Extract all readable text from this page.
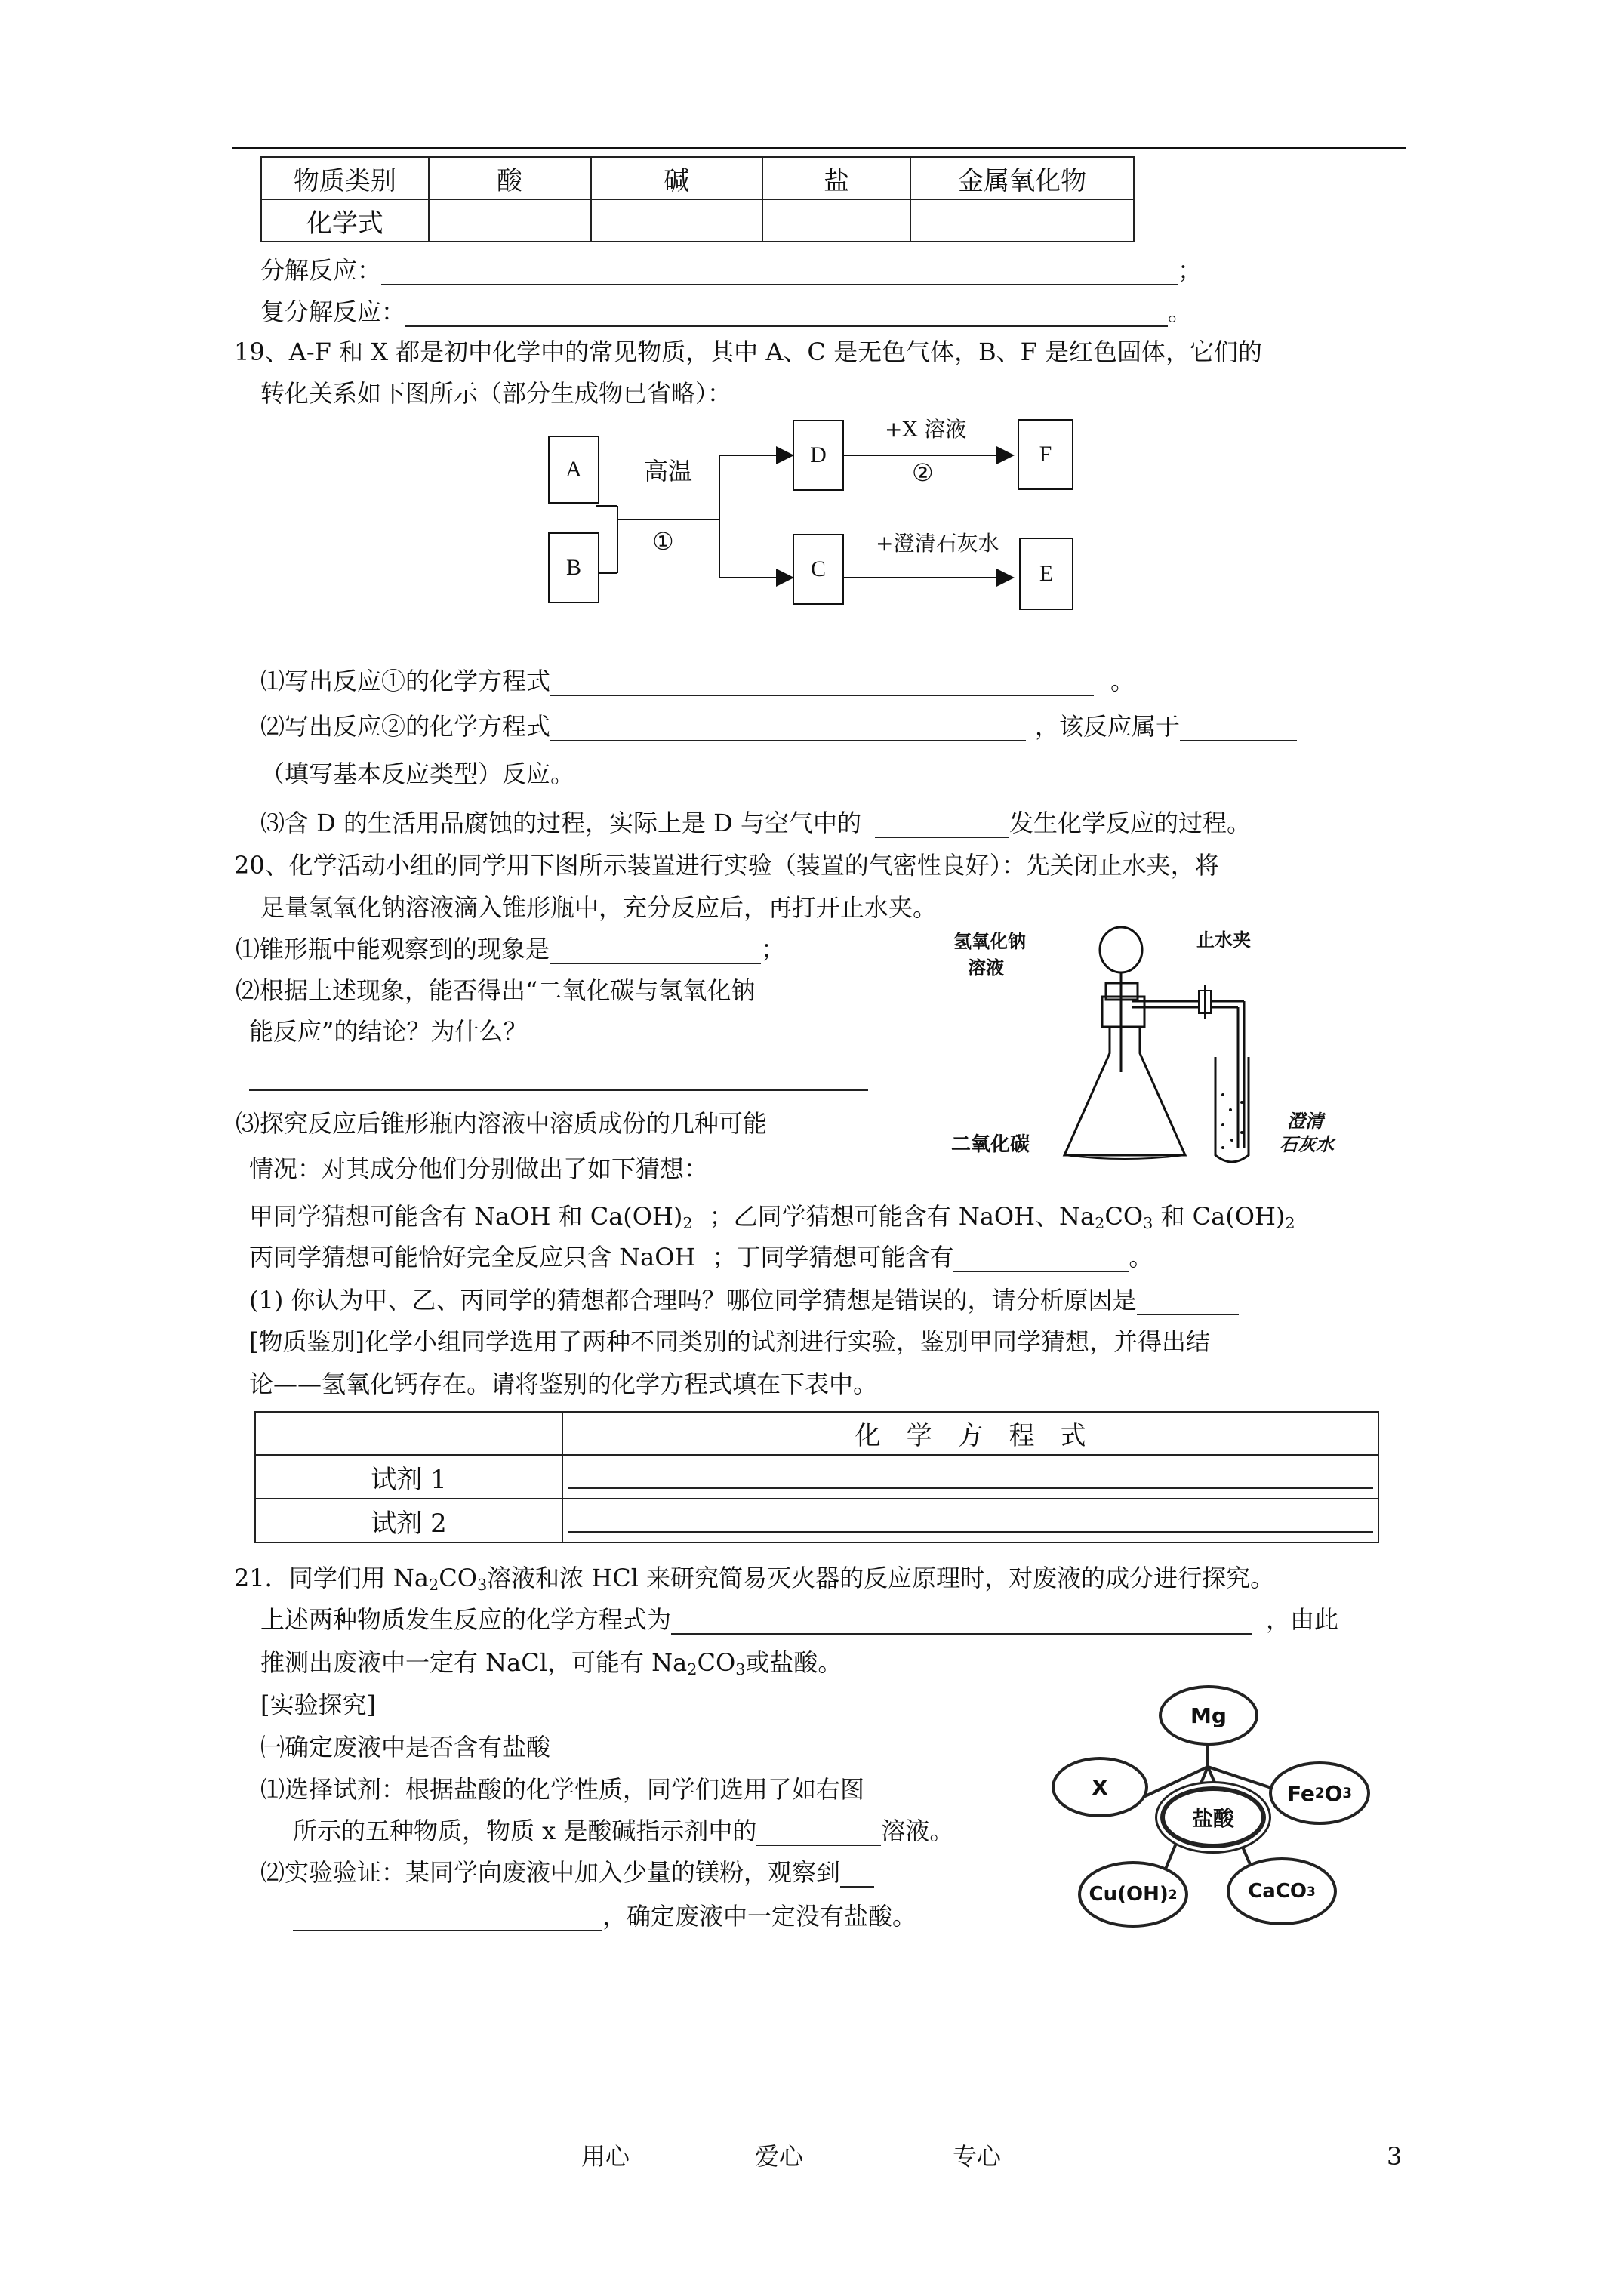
物质类别	酸	碱	盐	金属氧化物
化学式				
分解反应：	；
复分解反应：	。
19、A-F 和 X 都是初中化学中的常见物质，其中 A、C 是无色气体，B、F 是红色固体，它们的
转化关系如下图所示（部分生成物已省略）：
A
B
D
C
F
E
高温
①
+X 溶液
②
+澄清石灰水
⑴写出反应①的化学方程式	。
⑵写出反应②的化学方程式	，该反应属于
（填写基本反应类型）反应。
⑶含 D 的生活用品腐蚀的过程，实际上是 D 与空气中的	发生化学反应的过程。
20、化学活动小组的同学用下图所示装置进行实验（装置的气密性良好）：先关闭止水夹，将
足量氢氧化钠溶液滴入锥形瓶中，充分反应后，再打开止水夹。
⑴锥形瓶中能观察到的现象是	；
⑵根据上述现象，能否得出“二氧化碳与氢氧化钠
能反应”的结论？为什么？
⑶探究反应后锥形瓶内溶液中溶质成份的几种可能
氢氧化钠
溶液
止水夹
二氧化碳
澄清
石灰水
情况：对其成分他们分别做出了如下猜想：
甲同学猜想可能含有 NaOH 和 $Ca(OH)_2$ ；乙同学猜想可能含有 NaOH、$Na_2CO_3$ 和 $Ca(OH)_2$
丙同学猜想可能恰好完全反应只含 NaOH ；丁同学猜想可能含有	。
(1) 你认为甲、乙、丙同学的猜想都合理吗？哪位同学猜想是错误的，请分析原因是
[物质鉴别]化学小组同学选用了两种不同类别的试剂进行实验，鉴别甲同学猜想，并得出结
论——氢氧化钙存在。请将鉴别的化学方程式填在下表中。
	化　学　方　程　式
试剂 1	

试剂 2	
21．同学们用 $Na_2CO_3$溶液和浓 HCl 来研究简易灭火器的反应原理时，对废液的成分进行探究。
上述两种物质发生反应的化学方程式为	，由此
推测出废液中一定有 NaCl，可能有 $Na_2CO_3$或盐酸。
[实验探究]
㈠确定废液中是否含有盐酸
⑴选择试剂：根据盐酸的化学性质，同学们选用了如右图
所示的五种物质，物质 x 是酸碱指示剂中的	溶液。
⑵实验验证：某同学向废液中加入少量的镁粉，观察到
，确定废液中一定没有盐酸。
Mg
X	Fe 2 O 3
盐酸
Cu(OH) 2	CaCO 3
用心	爱心	专心	3
